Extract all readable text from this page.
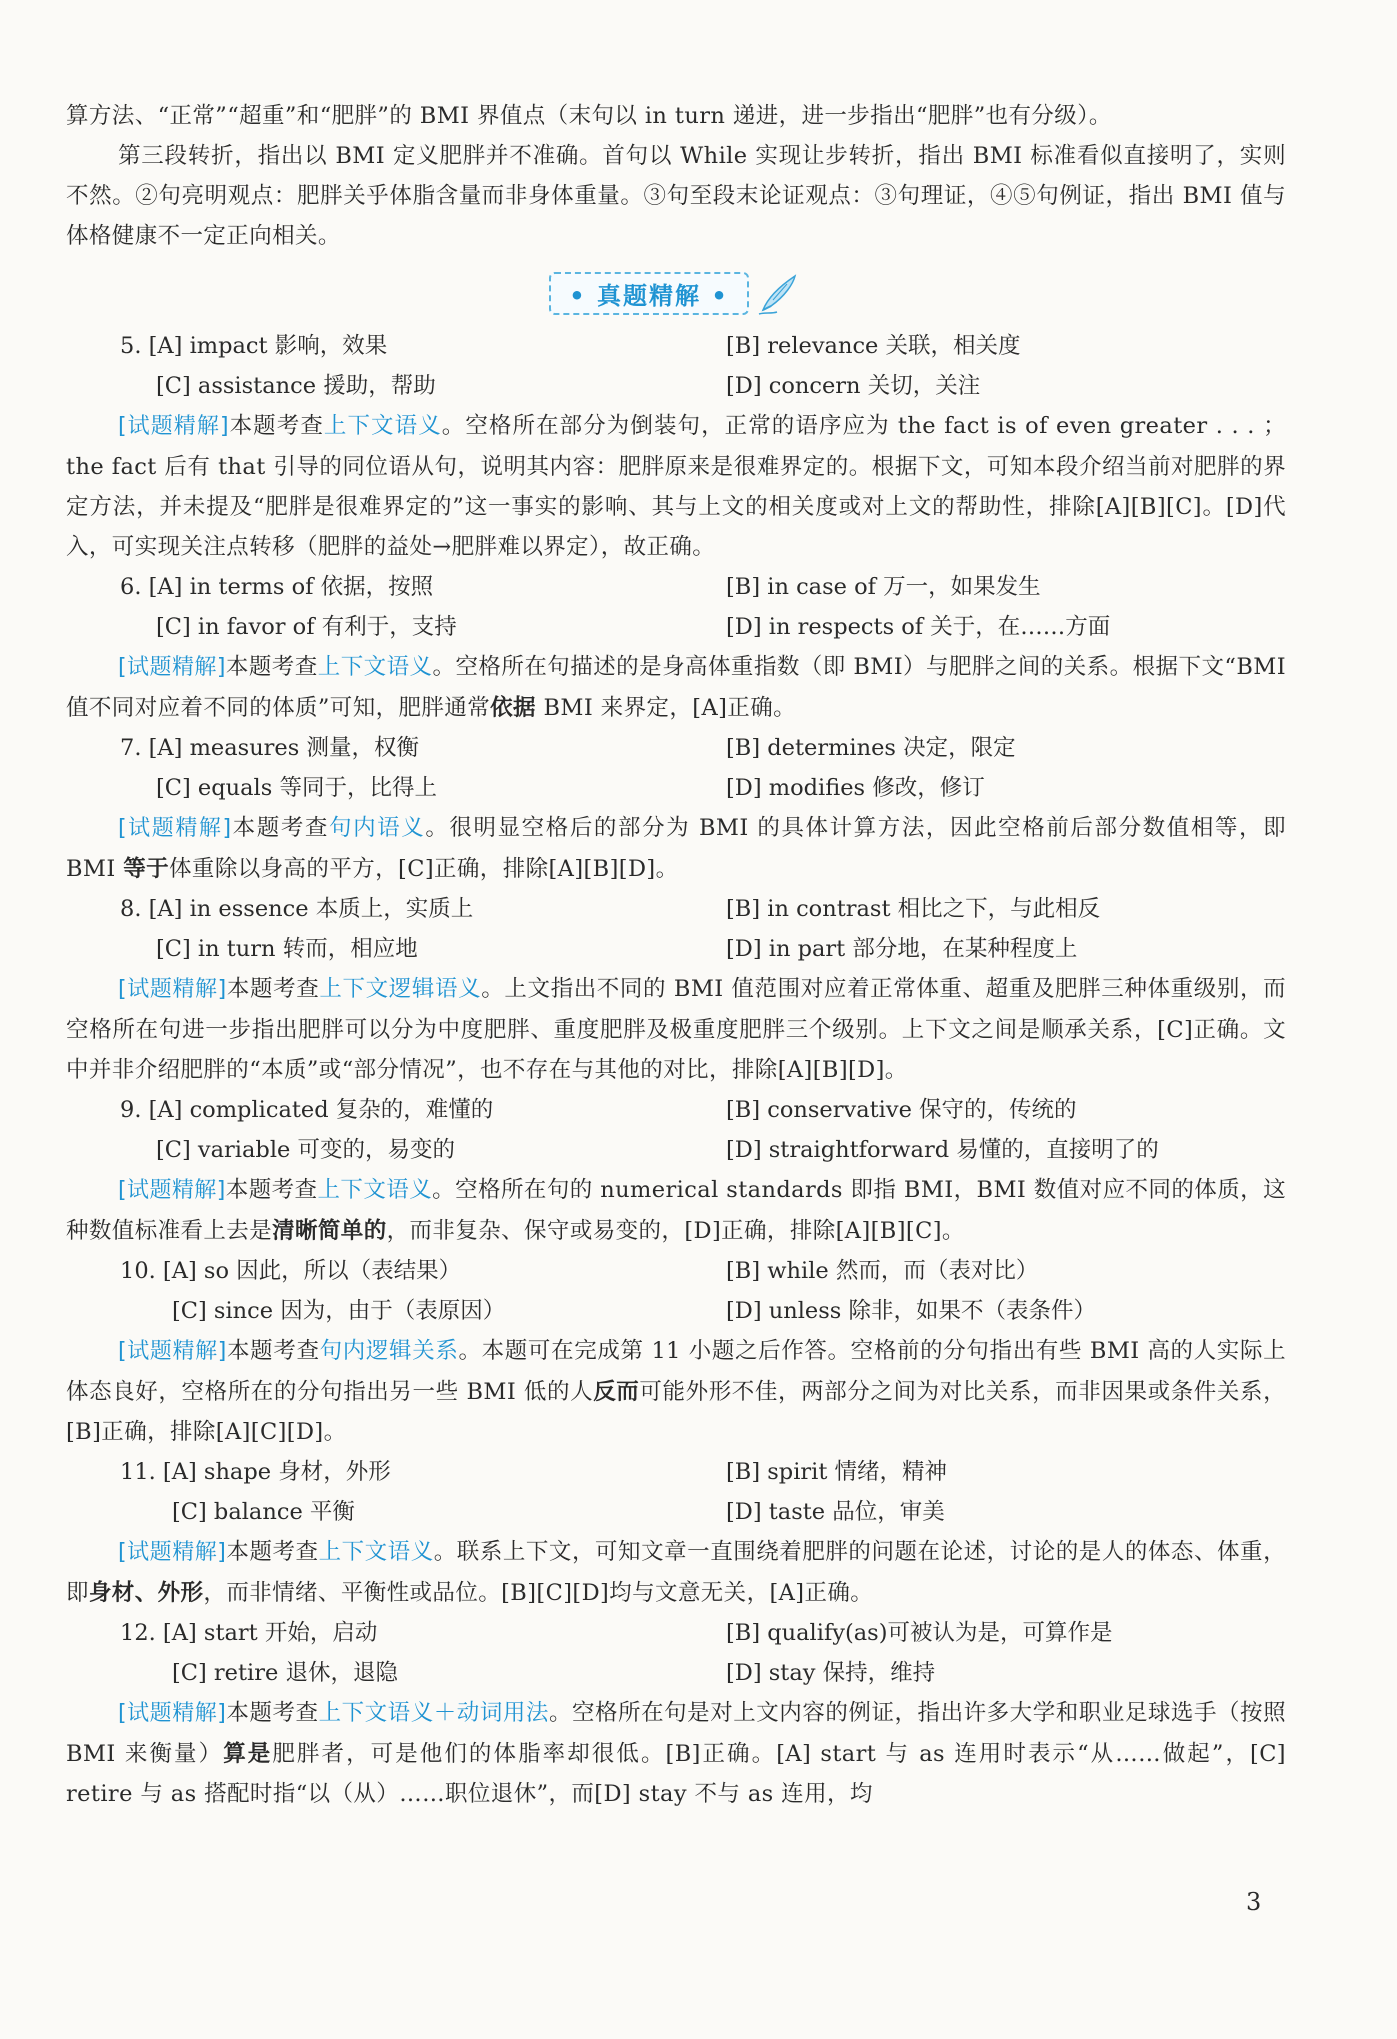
算方法、“正常”“超重”和“肥胖”的 BMI 界值点（末句以 in turn 递进，进一步指出“肥胖”也有分级）。

第三段转折，指出以 BMI 定义肥胖并不准确。首句以 While 实现让步转折，指出 BMI 标准看似直接明了，实则不然。②句亮明观点：肥胖关乎体脂含量而非身体重量。③句至段末论证观点：③句理证，④⑤句例证，指出 BMI 值与体格健康不一定正向相关。

• 真题精解 •
5. [A] impact 影响，效果	[B] relevance 关联，相关度
[C] assistance 援助，帮助	[D] concern 关切，关注

[试题精解]本题考查上下文语义。空格所在部分为倒装句，正常的语序应为 the fact is of even greater . . . ；the fact 后有 that 引导的同位语从句，说明其内容：肥胖原来是很难界定的。根据下文，可知本段介绍当前对肥胖的界定方法，并未提及“肥胖是很难界定的”这一事实的影响、其与上文的相关度或对上文的帮助性，排除[A][B][C]。[D]代入，可实现关注点转移（肥胖的益处→肥胖难以界定），故正确。

6. [A] in terms of 依据，按照	[B] in case of 万一，如果发生
[C] in favor of 有利于，支持	[D] in respects of 关于，在……方面

[试题精解]本题考查上下文语义。空格所在句描述的是身高体重指数（即 BMI）与肥胖之间的关系。根据下文“BMI 值不同对应着不同的体质”可知，肥胖通常依据 BMI 来界定，[A]正确。

7. [A] measures 测量，权衡	[B] determines 决定，限定
[C] equals 等同于，比得上	[D] modifies 修改，修订

[试题精解]本题考查句内语义。很明显空格后的部分为 BMI 的具体计算方法，因此空格前后部分数值相等，即 BMI 等于体重除以身高的平方，[C]正确，排除[A][B][D]。

8. [A] in essence 本质上，实质上	[B] in contrast 相比之下，与此相反
[C] in turn 转而，相应地	[D] in part 部分地，在某种程度上

[试题精解]本题考查上下文逻辑语义。上文指出不同的 BMI 值范围对应着正常体重、超重及肥胖三种体重级别，而空格所在句进一步指出肥胖可以分为中度肥胖、重度肥胖及极重度肥胖三个级别。上下文之间是顺承关系，[C]正确。文中并非介绍肥胖的“本质”或“部分情况”，也不存在与其他的对比，排除[A][B][D]。

9. [A] complicated 复杂的，难懂的	[B] conservative 保守的，传统的
[C] variable 可变的，易变的	[D] straightforward 易懂的，直接明了的

[试题精解]本题考查上下文语义。空格所在句的 numerical standards 即指 BMI，BMI 数值对应不同的体质，这种数值标准看上去是清晰简单的，而非复杂、保守或易变的，[D]正确，排除[A][B][C]。

10. [A] so 因此，所以（表结果）	[B] while 然而，而（表对比）
[C] since 因为，由于（表原因）	[D] unless 除非，如果不（表条件）

[试题精解]本题考查句内逻辑关系。本题可在完成第 11 小题之后作答。空格前的分句指出有些 BMI 高的人实际上体态良好，空格所在的分句指出另一些 BMI 低的人反而可能外形不佳，两部分之间为对比关系，而非因果或条件关系，[B]正确，排除[A][C][D]。

11. [A] shape 身材，外形	[B] spirit 情绪，精神
[C] balance 平衡	[D] taste 品位，审美

[试题精解]本题考查上下文语义。联系上下文，可知文章一直围绕着肥胖的问题在论述，讨论的是人的体态、体重，即身材、外形，而非情绪、平衡性或品位。[B][C][D]均与文意无关，[A]正确。

12. [A] start 开始，启动	[B] qualify(as)可被认为是，可算作是
[C] retire 退休，退隐	[D] stay 保持，维持

[试题精解]本题考查上下文语义＋动词用法。空格所在句是对上文内容的例证，指出许多大学和职业足球选手（按照 BMI 来衡量）算是肥胖者，可是他们的体脂率却很低。[B]正确。[A] start 与 as 连用时表示“从……做起”，[C] retire 与 as 搭配时指“以（从）……职位退休”，而[D] stay 不与 as 连用，均

3
